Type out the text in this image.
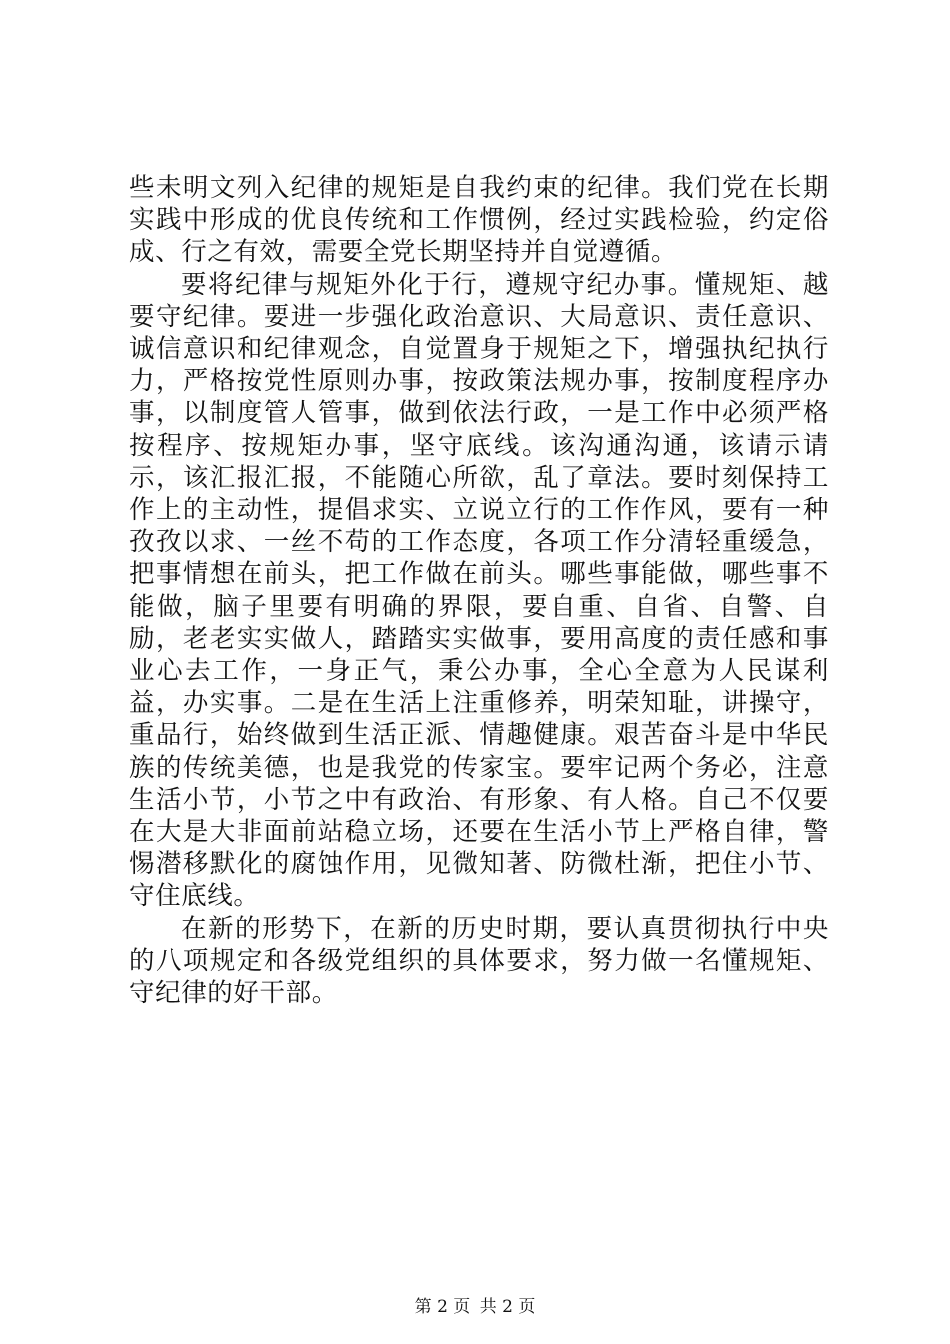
些未明文列入纪律的规矩是自我约束的纪律。我们党在长期实践中形成的优良传统和工作惯例，经过实践检验，约定俗成、行之有效，需要全党长期坚持并自觉遵循。

要将纪律与规矩外化于行，遵规守纪办事。懂规矩、越要守纪律。要进一步强化政治意识、大局意识、责任意识、诚信意识和纪律观念，自觉置身于规矩之下，增强执纪执行力，严格按党性原则办事，按政策法规办事，按制度程序办事，以制度管人管事，做到依法行政，一是工作中必须严格按程序、按规矩办事，坚守底线。该沟通沟通，该请示请示，该汇报汇报，不能随心所欲，乱了章法。要时刻保持工作上的主动性，提倡求实、立说立行的工作作风，要有一种孜孜以求、一丝不苟的工作态度，各项工作分清轻重缓急，把事情想在前头，把工作做在前头。哪些事能做，哪些事不能做，脑子里要有明确的界限，要自重、自省、自警、自励，老老实实做人，踏踏实实做事，要用高度的责任感和事业心去工作，一身正气，秉公办事，全心全意为人民谋利益，办实事。二是在生活上注重修养，明荣知耻，讲操守，重品行，始终做到生活正派、情趣健康。艰苦奋斗是中华民族的传统美德，也是我党的传家宝。要牢记两个务必，注意生活小节，小节之中有政治、有形象、有人格。自己不仅要在大是大非面前站稳立场，还要在生活小节上严格自律，警惕潜移默化的腐蚀作用，见微知著、防微杜渐，把住小节、守住底线。

在新的形势下，在新的历史时期，要认真贯彻执行中央的八项规定和各级党组织的具体要求，努力做一名懂规矩、守纪律的好干部。

第 2 页 共 2 页
